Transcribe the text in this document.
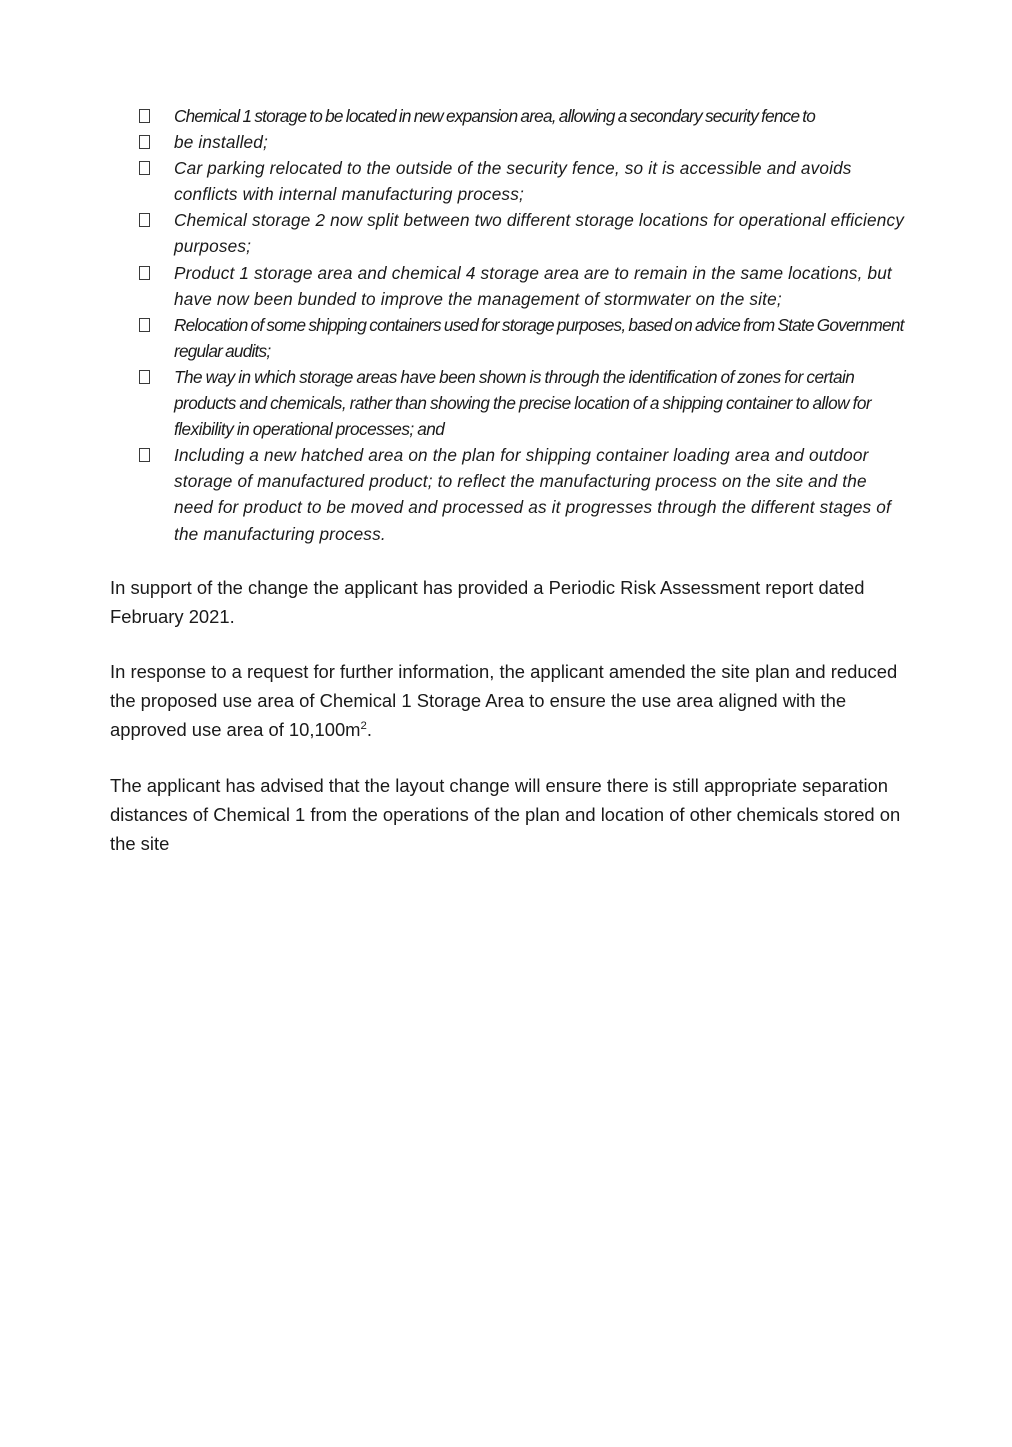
Chemical 1 storage to be located in new expansion area, allowing a secondary security fence to
be installed;
Car parking relocated to the outside of the security fence, so it is accessible and avoids conflicts with internal manufacturing process;
Chemical storage 2 now split between two different storage locations for operational efficiency purposes;
Product 1 storage area and chemical 4 storage area are to remain in the same locations, but have now been bunded to improve the management of stormwater on the site;
Relocation of some shipping containers used for storage purposes, based on advice from State Government regular audits;
The way in which storage areas have been shown is through the identification of zones for certain products and chemicals, rather than showing the precise location of a shipping container to allow for flexibility in operational processes; and
Including a new hatched area on the plan for shipping container loading area and outdoor storage of manufactured product; to reflect the manufacturing process on the site and the need for product to be moved and processed as it progresses through the different stages of the manufacturing process.

In support of the change the applicant has provided a Periodic Risk Assessment report dated February 2021.

In response to a request for further information, the applicant amended the site plan and reduced the proposed use area of Chemical 1 Storage Area to ensure the use area aligned with the approved use area of $10,100m^2$.

The applicant has advised that the layout change will ensure there is still appropriate separation distances of Chemical 1 from the operations of the plan and location of other chemicals stored on the site
